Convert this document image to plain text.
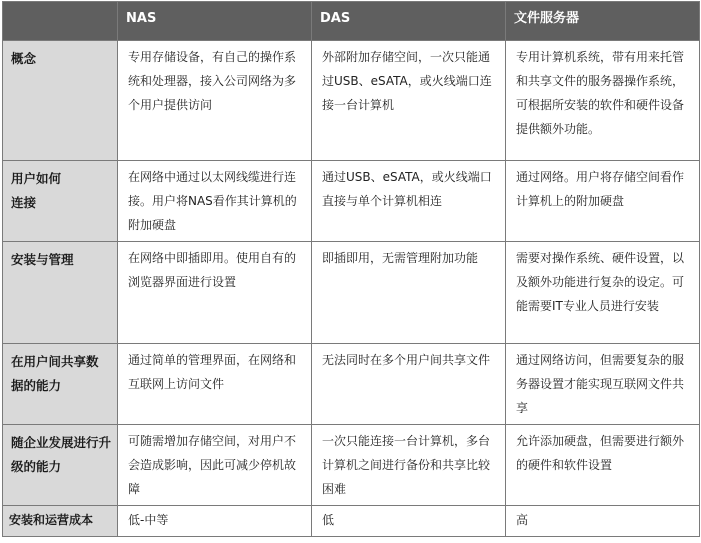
	NAS	DAS	文件服务器
概念	专用存储设备，有自己的操作系统和处理器，接入公司网络为多个用户提供访问	外部附加存储空间，一次只能通过USB、eSATA，或火线端口连接一台计算机	专用计算机系统，带有用来托管和共享文件的服务器操作系统，可根据所安装的软件和硬件设备提供额外功能。
用户如何连接	在网络中通过以太网线缆进行连接。用户将NAS看作其计算机的附加硬盘	通过USB、eSATA，或火线端口直接与单个计算机相连	通过网络。用户将存储空间看作计算机上的附加硬盘
安装与管理	在网络中即插即用。使用自有的浏览器界面进行设置	即插即用，无需管理附加功能	需要对操作系统、硬件设置，以及额外功能进行复杂的设定。可能需要IT专业人员进行安装
在用户间共享数据的能力	通过简单的管理界面，在网络和互联网上访问文件	无法同时在多个用户间共享文件	通过网络访问，但需要复杂的服务器设置才能实现互联网文件共享
随企业发展进行升级的能力	可随需增加存储空间，对用户不会造成影响，因此可减少停机故障	一次只能连接一台计算机，多台计算机之间进行备份和共享比较困难	允许添加硬盘，但需要进行额外的硬件和软件设置
安装和运营成本	低-中等	低	高
